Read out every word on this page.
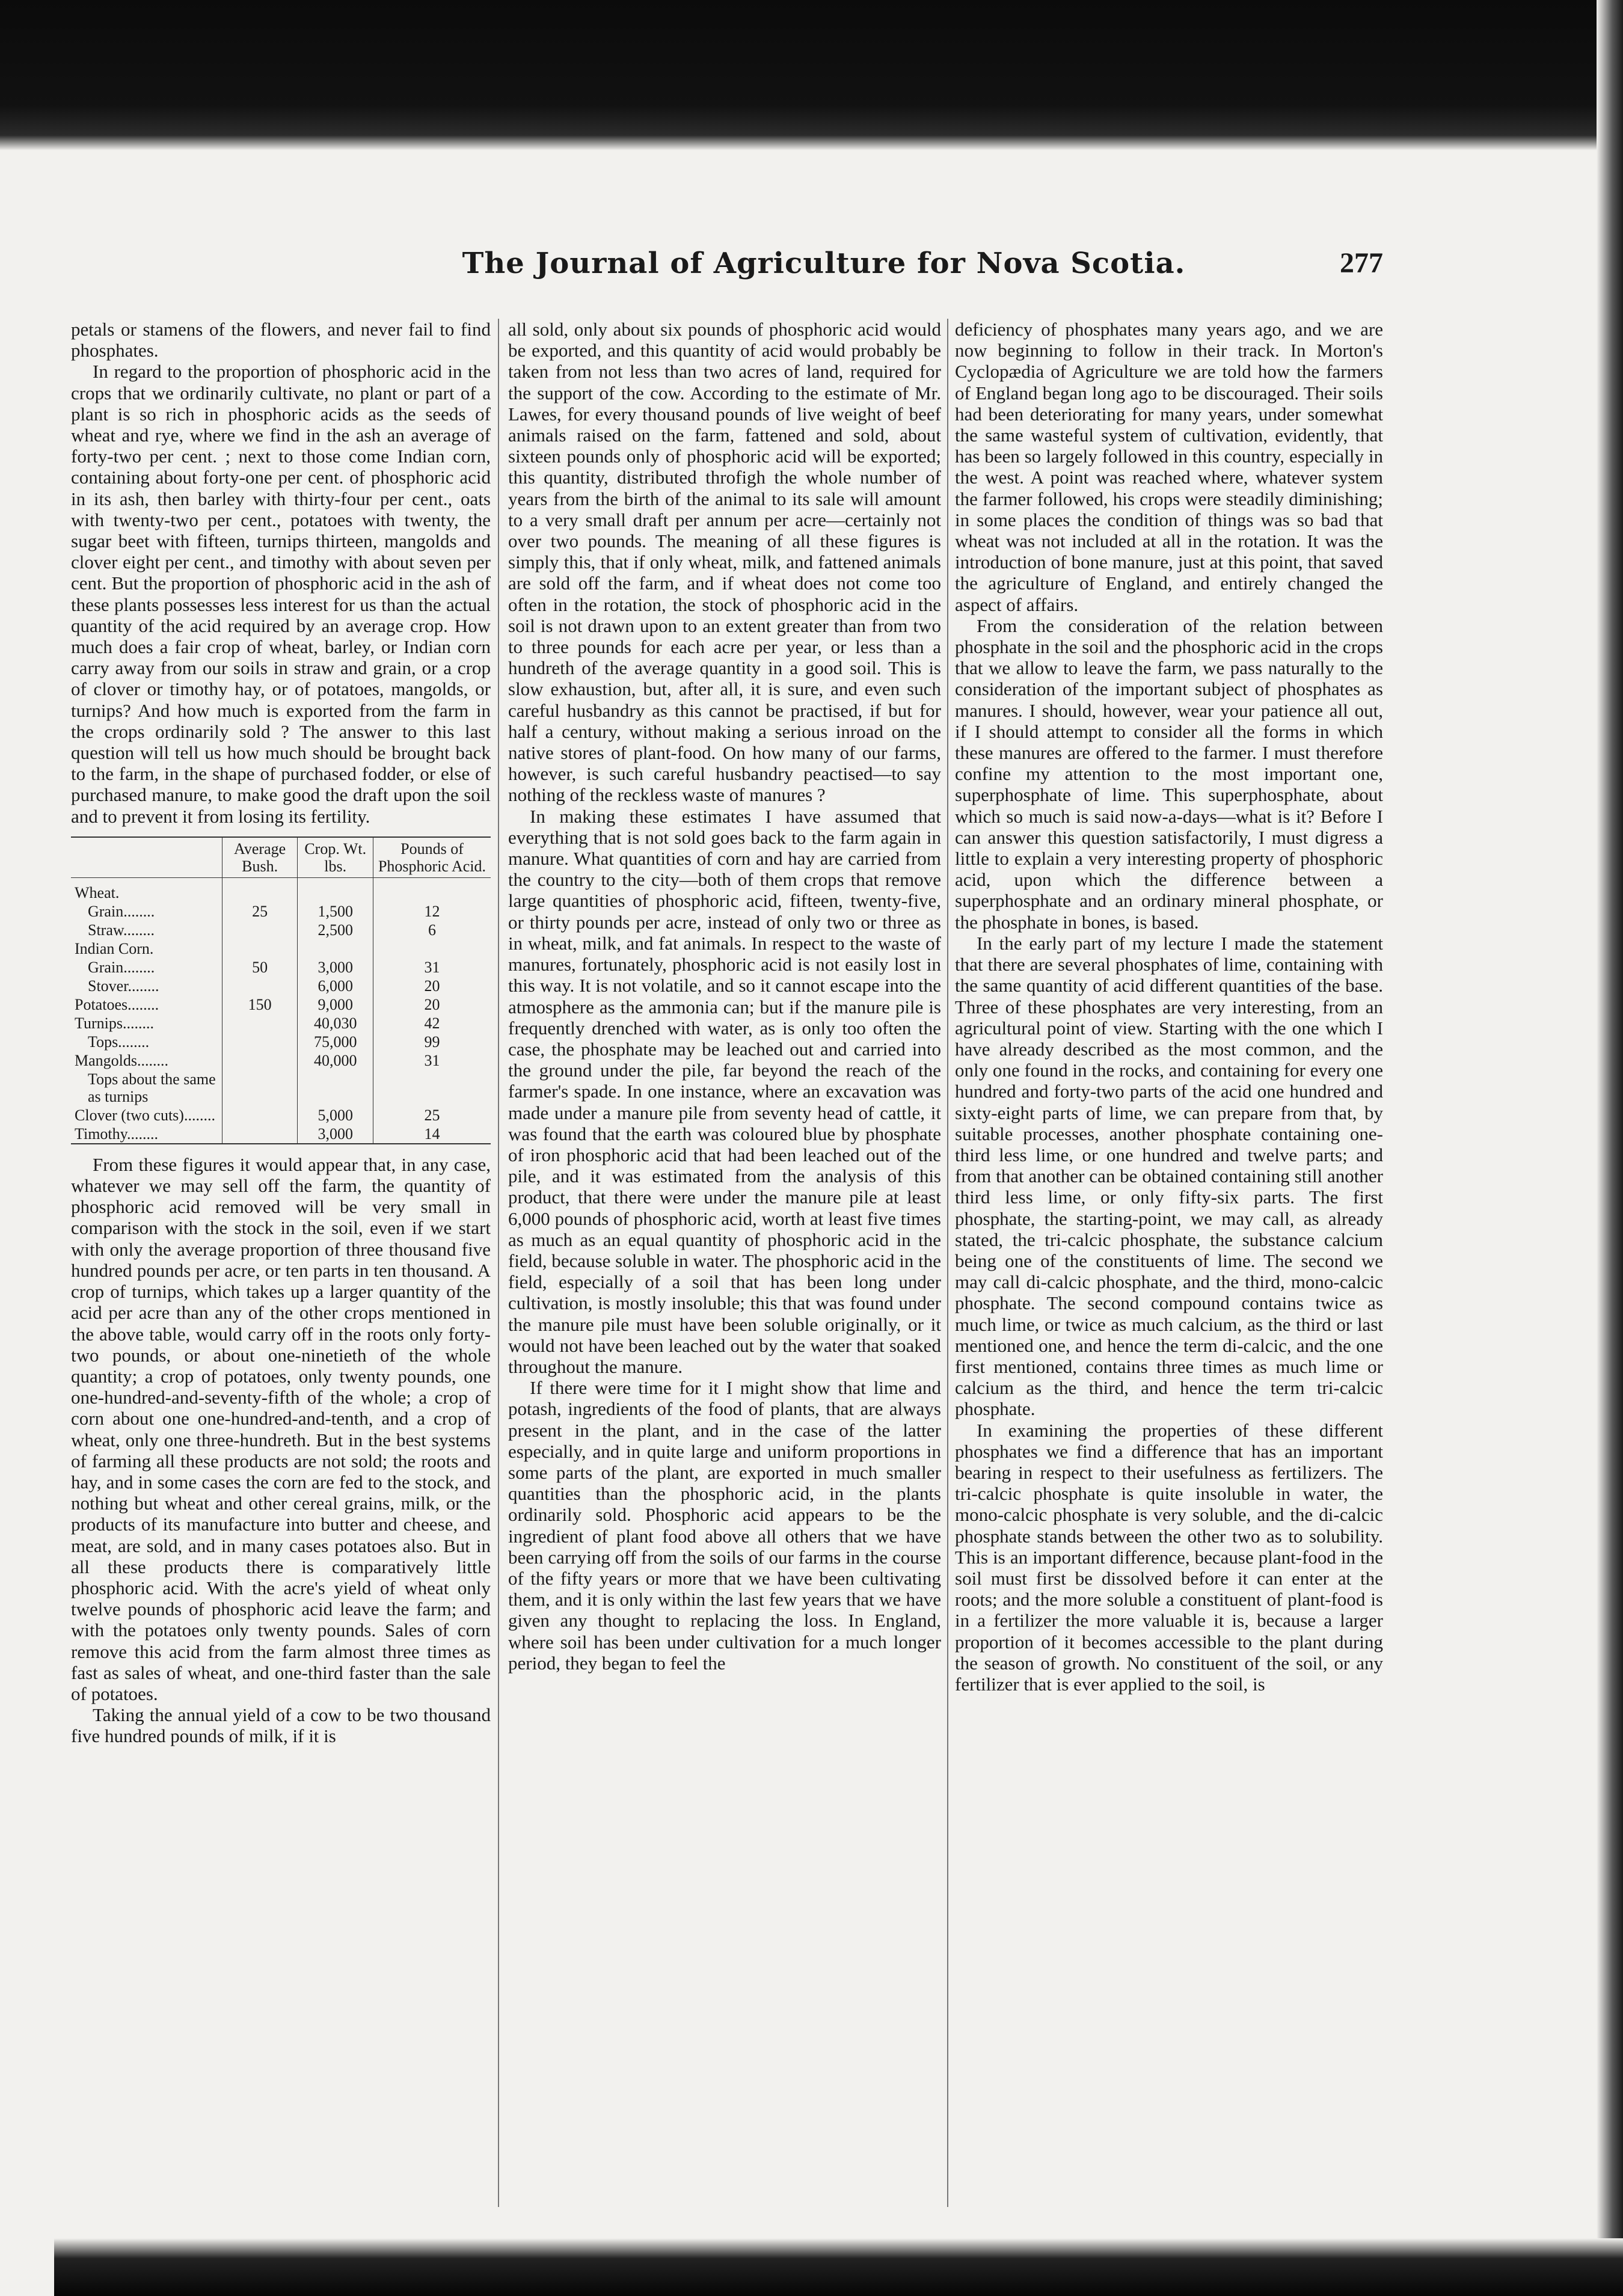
The Journal of Agriculture for Nova Scotia.	277

petals or stamens of the flowers, and never fail to find phosphates.

In regard to the proportion of phosphoric acid in the crops that we ordinarily cultivate, no plant or part of a plant is so rich in phosphoric acids as the seeds of wheat and rye, where we find in the ash an average of forty-two per cent. ; next to those come Indian corn, containing about forty-one per cent. of phosphoric acid in its ash, then barley with thirty-four per cent., oats with twenty-two per cent., potatoes with twenty, the sugar beet with fifteen, turnips thirteen, mangolds and clover eight per cent., and timothy with about seven per cent. But the proportion of phosphoric acid in the ash of these plants possesses less interest for us than the actual quantity of the acid required by an average crop. How much does a fair crop of wheat, barley, or Indian corn carry away from our soils in straw and grain, or a crop of clover or timothy hay, or of potatoes, mangolds, or turnips? And how much is exported from the farm in the crops ordinarily sold ? The answer to this last question will tell us how much should be brought back to the farm, in the shape of purchased fodder, or else of purchased manure, to make good the draft upon the soil and to prevent it from losing its fertility.

	Average Bush.	Crop. Wt. lbs.	Pounds of Phosphoric Acid.
Wheat.			
Grain........	25	1,500	12
Straw........		2,500	6
Indian Corn.			
Grain........	50	3,000	31
Stover........		6,000	20
Potatoes........	150	9,000	20
Turnips........		40,030	42
Tops........		75,000	99
Mangolds........		40,000	31
Tops about the same as turnips			
Clover (two cuts)........		5,000	25
Timothy........		3,000	14

From these figures it would appear that, in any case, whatever we may sell off the farm, the quantity of phosphoric acid removed will be very small in comparison with the stock in the soil, even if we start with only the average proportion of three thousand five hundred pounds per acre, or ten parts in ten thousand. A crop of turnips, which takes up a larger quantity of the acid per acre than any of the other crops mentioned in the above table, would carry off in the roots only forty-two pounds, or about one-ninetieth of the whole quantity; a crop of potatoes, only twenty pounds, one one-hundred-and-seventy-fifth of the whole; a crop of corn about one one-hundred-and-tenth, and a crop of wheat, only one three-hundreth. But in the best systems of farming all these products are not sold; the roots and hay, and in some cases the corn are fed to the stock, and nothing but wheat and other cereal grains, milk, or the products of its manufacture into butter and cheese, and meat, are sold, and in many cases potatoes also. But in all these products there is comparatively little phosphoric acid. With the acre's yield of wheat only twelve pounds of phosphoric acid leave the farm; and with the potatoes only twenty pounds. Sales of corn remove this acid from the farm almost three times as fast as sales of wheat, and one-third faster than the sale of potatoes.

Taking the annual yield of a cow to be two thousand five hundred pounds of milk, if it is

all sold, only about six pounds of phosphoric acid would be exported, and this quantity of acid would probably be taken from not less than two acres of land, required for the support of the cow. According to the estimate of Mr. Lawes, for every thousand pounds of live weight of beef animals raised on the farm, fattened and sold, about sixteen pounds only of phosphoric acid will be exported; this quantity, distributed throfigh the whole number of years from the birth of the animal to its sale will amount to a very small draft per annum per acre—certainly not over two pounds. The meaning of all these figures is simply this, that if only wheat, milk, and fattened animals are sold off the farm, and if wheat does not come too often in the rotation, the stock of phosphoric acid in the soil is not drawn upon to an extent greater than from two to three pounds for each acre per year, or less than a hundreth of the average quantity in a good soil. This is slow exhaustion, but, after all, it is sure, and even such careful husbandry as this cannot be practised, if but for half a century, without making a serious inroad on the native stores of plant-food. On how many of our farms, however, is such careful husbandry peactised—to say nothing of the reckless waste of manures ?

In making these estimates I have assumed that everything that is not sold goes back to the farm again in manure. What quantities of corn and hay are carried from the country to the city—both of them crops that remove large quantities of phosphoric acid, fifteen, twenty-five, or thirty pounds per acre, instead of only two or three as in wheat, milk, and fat animals. In respect to the waste of manures, fortunately, phosphoric acid is not easily lost in this way. It is not volatile, and so it cannot escape into the atmosphere as the ammonia can; but if the manure pile is frequently drenched with water, as is only too often the case, the phosphate may be leached out and carried into the ground under the pile, far beyond the reach of the farmer's spade. In one instance, where an excavation was made under a manure pile from seventy head of cattle, it was found that the earth was coloured blue by phosphate of iron phosphoric acid that had been leached out of the pile, and it was estimated from the analysis of this product, that there were under the manure pile at least 6,000 pounds of phosphoric acid, worth at least five times as much as an equal quantity of phosphoric acid in the field, because soluble in water. The phosphoric acid in the field, especially of a soil that has been long under cultivation, is mostly insoluble; this that was found under the manure pile must have been soluble originally, or it would not have been leached out by the water that soaked throughout the manure.

If there were time for it I might show that lime and potash, ingredients of the food of plants, that are always present in the plant, and in the case of the latter especially, and in quite large and uniform proportions in some parts of the plant, are exported in much smaller quantities than the phosphoric acid, in the plants ordinarily sold. Phosphoric acid appears to be the ingredient of plant food above all others that we have been carrying off from the soils of our farms in the course of the fifty years or more that we have been cultivating them, and it is only within the last few years that we have given any thought to replacing the loss. In England, where soil has been under cultivation for a much longer period, they began to feel the

deficiency of phosphates many years ago, and we are now beginning to follow in their track. In Morton's Cyclopædia of Agriculture we are told how the farmers of England began long ago to be discouraged. Their soils had been deteriorating for many years, under somewhat the same wasteful system of cultivation, evidently, that has been so largely followed in this country, especially in the west. A point was reached where, whatever system the farmer followed, his crops were steadily diminishing; in some places the condition of things was so bad that wheat was not included at all in the rotation. It was the introduction of bone manure, just at this point, that saved the agriculture of England, and entirely changed the aspect of affairs.

From the consideration of the relation between phosphate in the soil and the phosphoric acid in the crops that we allow to leave the farm, we pass naturally to the consideration of the important subject of phosphates as manures. I should, however, wear your patience all out, if I should attempt to consider all the forms in which these manures are offered to the farmer. I must therefore confine my attention to the most important one, superphosphate of lime. This superphosphate, about which so much is said now-a-days—what is it? Before I can answer this question satisfactorily, I must digress a little to explain a very interesting property of phosphoric acid, upon which the difference between a superphosphate and an ordinary mineral phosphate, or the phosphate in bones, is based.

In the early part of my lecture I made the statement that there are several phosphates of lime, containing with the same quantity of acid different quantities of the base. Three of these phosphates are very interesting, from an agricultural point of view. Starting with the one which I have already described as the most common, and the only one found in the rocks, and containing for every one hundred and forty-two parts of the acid one hundred and sixty-eight parts of lime, we can prepare from that, by suitable processes, another phosphate containing one-third less lime, or one hundred and twelve parts; and from that another can be obtained containing still another third less lime, or only fifty-six parts. The first phosphate, the starting-point, we may call, as already stated, the tri-calcic phosphate, the substance calcium being one of the constituents of lime. The second we may call di-calcic phosphate, and the third, mono-calcic phosphate. The second compound contains twice as much lime, or twice as much calcium, as the third or last mentioned one, and hence the term di-calcic, and the one first mentioned, contains three times as much lime or calcium as the third, and hence the term tri-calcic phosphate.

In examining the properties of these different phosphates we find a difference that has an important bearing in respect to their usefulness as fertilizers. The tri-calcic phosphate is quite insoluble in water, the mono-calcic phosphate is very soluble, and the di-calcic phosphate stands between the other two as to solubility. This is an important difference, because plant-food in the soil must first be dissolved before it can enter at the roots; and the more soluble a constituent of plant-food is in a fertilizer the more valuable it is, because a larger proportion of it becomes accessible to the plant during the season of growth. No constituent of the soil, or any fertilizer that is ever applied to the soil, is
